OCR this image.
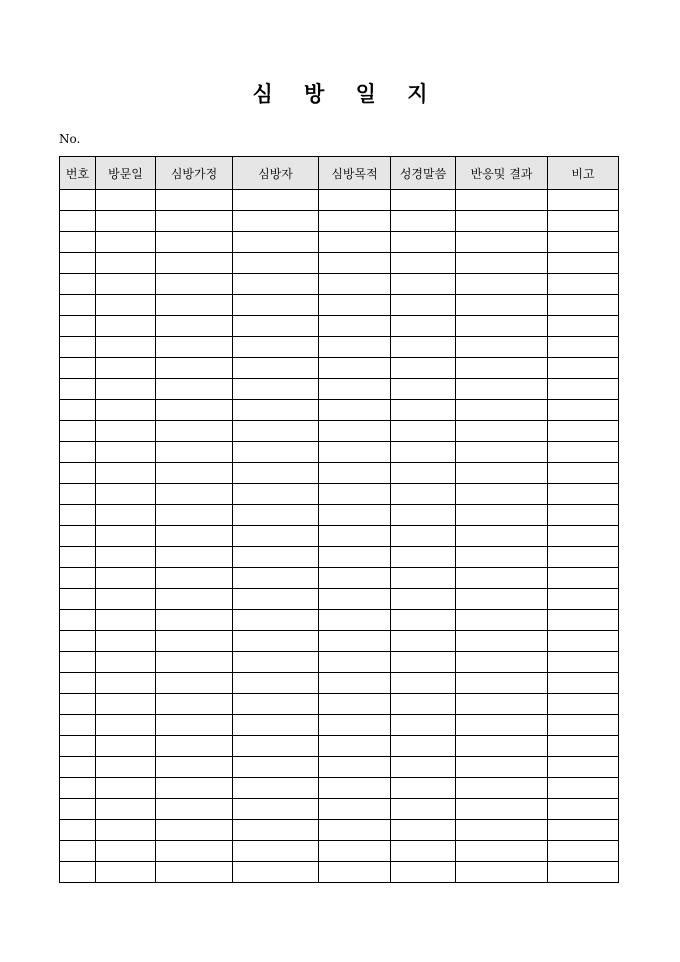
심 방 일 지
No.
번호	방문일	심방가정	심방자	심방목적	성경말씀	반응및 결과	비고
